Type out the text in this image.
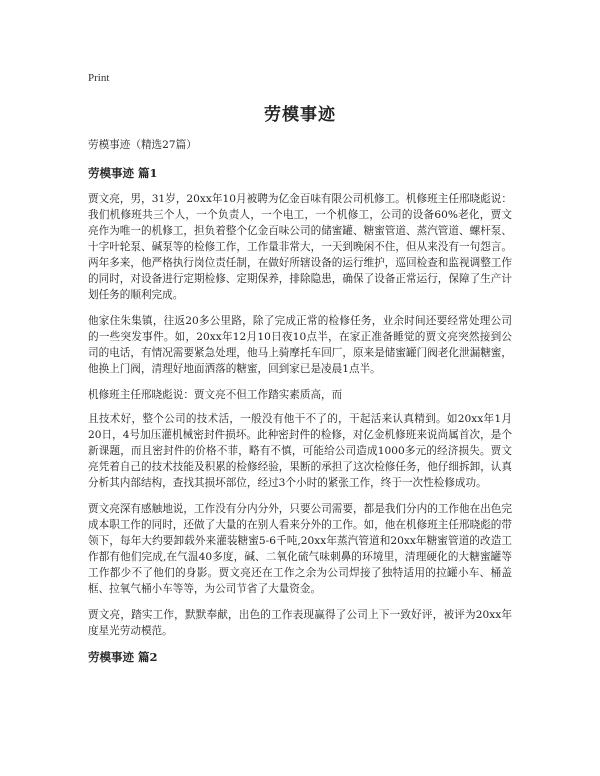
Print
劳模事迹

劳模事迹（精选27篇）

劳模事迹 篇1

贾文亮，男，31岁，20xx年10月被聘为亿金百味有限公司机修工。机修班主任邢晓彪说：我们机修班共三个人，一个负责人，一个电工，一个机修工，公司的设备60%老化，贾文亮作为唯一的机修工，担负着整个亿金百味公司的储蜜罐、糖蜜管道、蒸汽管道、螺杆泵、十字叶轮泵、碱泵等的检修工作，工作量非常大，一天到晚闲不住，但从来没有一句怨言。两年多来，他严格执行岗位责任制，在做好所辖设备的运行维护，巡回检查和监视调整工作的同时，对设备进行定期检修、定期保养，排除隐患，确保了设备正常运行，保障了生产计划任务的顺利完成。

他家住朱集镇，往返20多公里路，除了完成正常的检修任务，业余时间还要经常处理公司的一些突发事件。如，20xx年12月10日夜10点半，在家正准备睡觉的贾文亮突然接到公司的电话，有情况需要紧急处理，他马上骑摩托车回厂，原来是储蜜罐门阀老化泄漏糖蜜，他换上门阀，清理好地面洒落的糖蜜，回到家已是凌晨1点半。

机修班主任邢晓彪说：贾文亮不但工作踏实素质高，而

且技术好，整个公司的技术活，一般没有他干不了的，干起活来认真精到。如20xx年1月20日，4号加压灌机械密封件损坏。此种密封件的检修，对亿金机修班来说尚属首次，是个新课题，而且密封件的价格不菲，略有不慎，可能给公司造成1000多元的经济损失。贾文亮凭着自己的技术技能及积累的检修经验，果断的承担了这次检修任务，他仔细拆卸，认真分析其内部结构，查找其损坏部位，经过3个小时的紧张工作，终于一次性检修成功。

贾文亮深有感触地说，工作没有分内分外，只要公司需要，都是我们分内的工作他在出色完成本职工作的同时，还做了大量的在别人看来分外的工作。如，他在机修班主任邢晓彪的带领下，每年大约要卸载外来灌装糖蜜5-6千吨,20xx年蒸汽管道和20xx年糖蜜管道的改造工作都有他们完成,在气温40多度，碱、二氧化硫气味刺鼻的环境里，清理硬化的大糖蜜罐等工作都少不了他们的身影。贾文亮还在工作之余为公司焊接了独特适用的拉罐小车、桶盖框、拉氧气桶小车等等，为公司节省了大量资金。

贾文亮，踏实工作，默默奉献，出色的工作表现赢得了公司上下一致好评，被评为20xx年度星光劳动模范。

劳模事迹 篇2
